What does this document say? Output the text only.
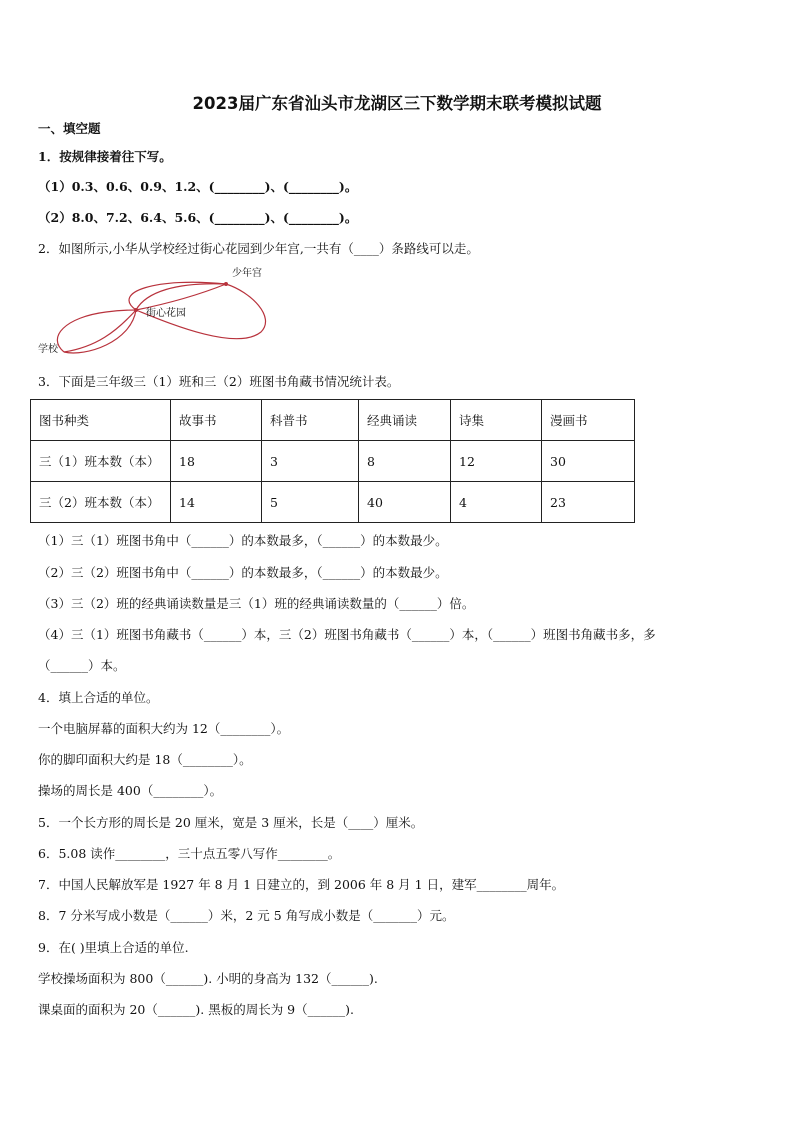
2023届广东省汕头市龙湖区三下数学期末联考模拟试题
一、填空题
1．按规律接着往下写。
（1）0.3、0.6、0.9、1.2、(________)、(________)。
（2）8.0、7.2、6.4、5.6、(________)、(________)。
2．如图所示,小华从学校经过街心花园到少年宫,一共有（____）条路线可以走。
少年宫
街心花园
学校
3．下面是三年级三（1）班和三（2）班图书角藏书情况统计表。
图书种类	故事书	科普书	经典诵读	诗集	漫画书
三（1）班本数（本）	18	3	8	12	30
三（2）班本数（本）	14	5	40	4	23
（1）三（1）班图书角中（______）的本数最多，（______）的本数最少。
（2）三（2）班图书角中（______）的本数最多，（______）的本数最少。
（3）三（2）班的经典诵读数量是三（1）班的经典诵读数量的（______）倍。
（4）三（1）班图书角藏书（______）本，三（2）班图书角藏书（______）本，（______）班图书角藏书多，多
（______）本。
4．填上合适的单位。
一个电脑屏幕的面积大约为 12（________）。
你的脚印面积大约是 18（________）。
操场的周长是 400（________）。
5．一个长方形的周长是 20 厘米，宽是 3 厘米，长是（____）厘米。
6．5.08 读作________，三十点五零八写作________。
7．中国人民解放军是 1927 年 8 月 1 日建立的，到 2006 年 8 月 1 日，建军________周年。
8．7 分米写成小数是（______）米，2 元 5 角写成小数是（_______）元。
9．在( )里填上合适的单位.
学校操场面积为 800（______). 小明的身高为 132（______).
课桌面的面积为 20（______). 黑板的周长为 9（______).
